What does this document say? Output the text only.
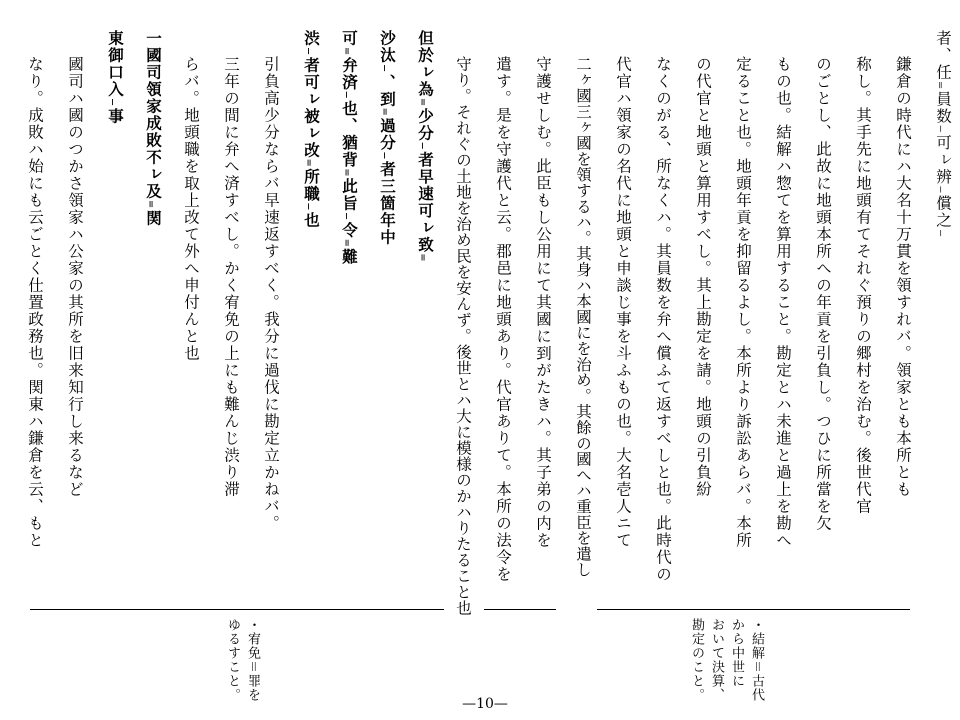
者、任₌員数₋可ㇾ辨₋償之₋
鎌倉の時代にハ大名十万貫を領すれバ。領家とも本所とも
称し。其手先に地頭有てそれぐ預りの郷村を治む。後世代官
のごとし、此故に地頭本所への年貢を引負し。つひに所當を欠
もの也。結解ハ惣てを算用すること。勘定とハ未進と過上を勘へ
定ること也。地頭年貢を抑留るよし。本所より訴訟あらバ。本所
の代官と地頭と算用すべし。其上勘定を請。地頭の引負紛
なくのがる、所なくハ。其員数を弁へ償ふて返すべしと也。此時代の
代官ハ領家の名代に地頭と申談じ事を斗ふもの也。大名壱人ニて
二ヶ國三ヶ國を領するハ。其身ハ本國にを治め。其餘の國へハ重臣を遣し
守護せしむ。此臣もし公用にて其國に到がたきハ。其子弟の内を
遣す。是を守護代と云。郡邑に地頭あり。代官ありて。本所の法令を
守り。それぐの土地を治め民を安んず。後世とハ大に模様のかハりたること也
但於ㇾ為₌少分₋者早速可ㇾ致₌
沙汰₋、到₌過分₋者三箇年中
可₌弁済₋也、猶背₌此旨₋令₌難
渋₋者可ㇾ被ㇾ改₌所職₋也
引負高少分ならバ早速返すべく。我分に過伐に勘定立かねバ。
三年の間に弁へ済すべし。かく宥免の上にも難んじ渋り滞
らバ。地頭職を取上改て外へ申付んと也
一國司領家成敗不ㇾ及₌関
東御口入₋事
國司ハ國のつかさ領家ハ公家の其所を旧来知行し来るなど
なり。成敗ハ始にも云ごとく仕置政務也。関東ハ鎌倉を云、もと
・結解＝古代
から中世に
おいて決算、
勘定のこと。
・宥免＝罪を
ゆるすこと。
—10—
